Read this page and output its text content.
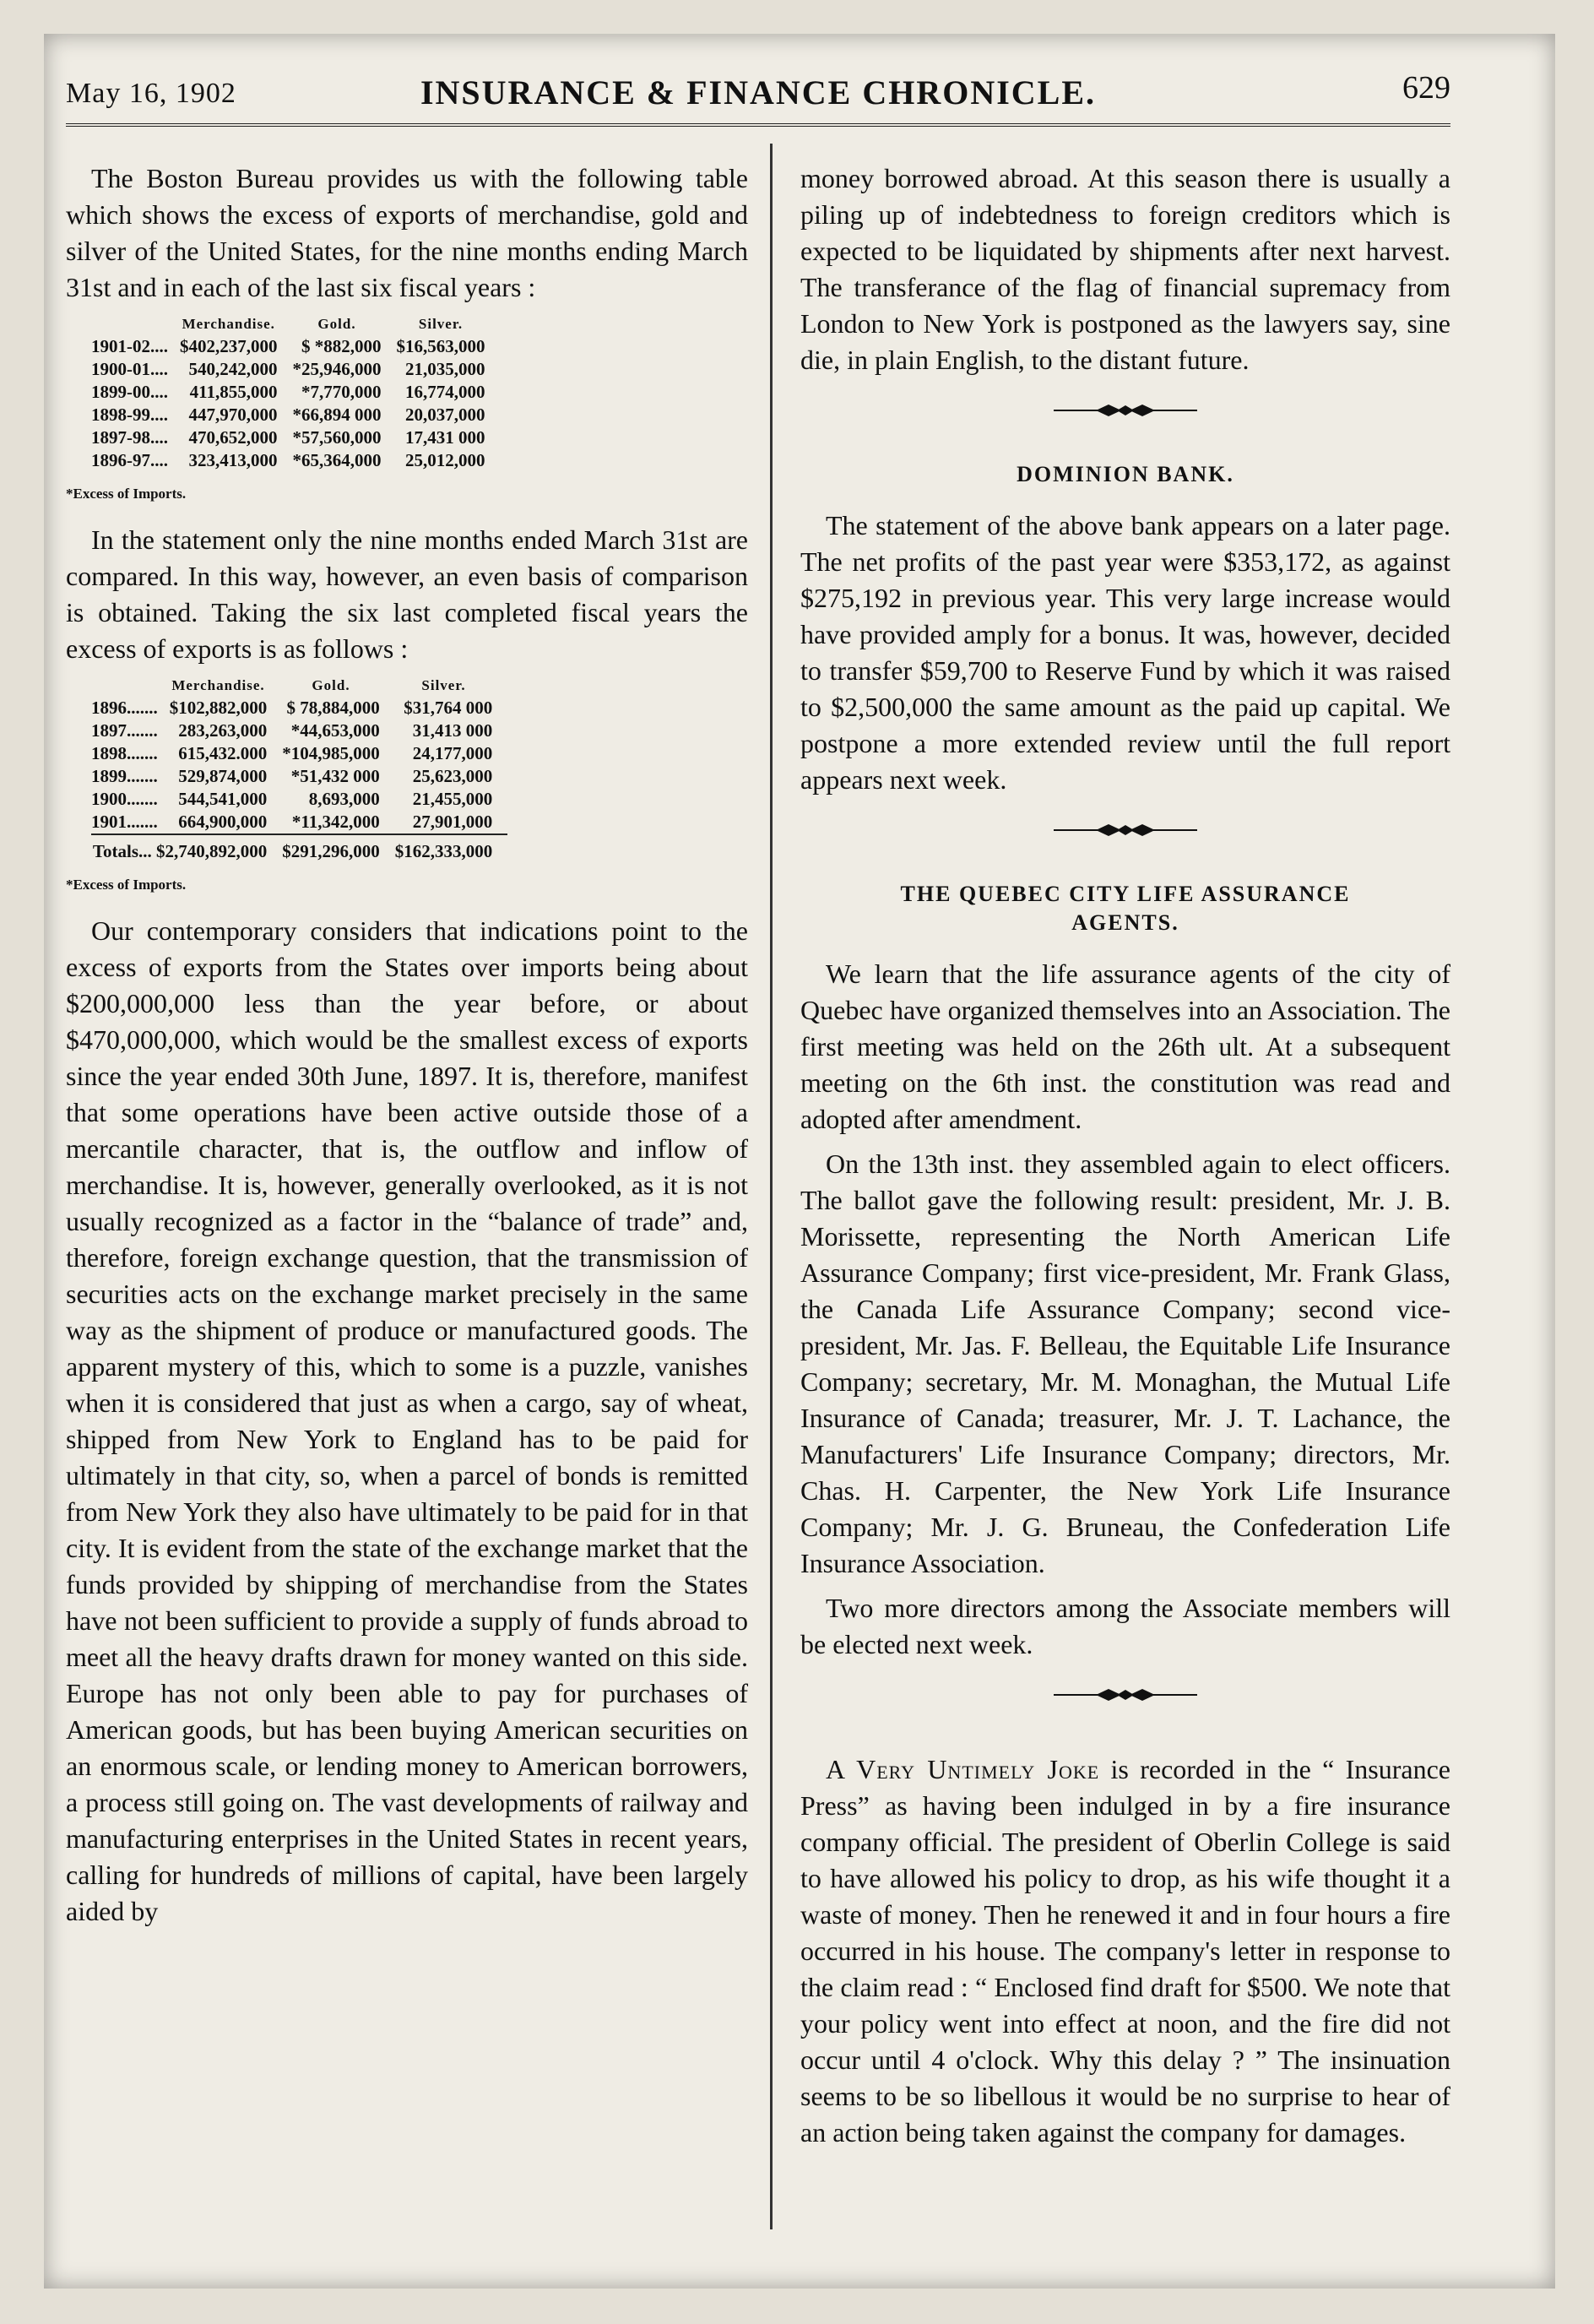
May 16, 1902	INSURANCE & FINANCE CHRONICLE.	629

The Boston Bureau provides us with the following table which shows the excess of exports of merchandise, gold and silver of the United States, for the nine months ending March 31st and in each of the last six fiscal years :

	Merchandise.	Gold.	Silver.
1901-02....	$402,237,000	$ *882,000	$16,563,000
1900-01....	540,242,000	*25,946,000	21,035,000
1899-00....	411,855,000	*7,770,000	16,774,000
1898-99....	447,970,000	*66,894 000	20,037,000
1897-98....	470,652,000	*57,560,000	17,431 000
1896-97....	323,413,000	*65,364,000	25,012,000
*Excess of Imports.

In the statement only the nine months ended March 31st are compared. In this way, however, an even basis of comparison is obtained. Taking the six last completed fiscal years the excess of exports is as follows :

	Merchandise.	Gold.	Silver.
1896.......	$102,882,000	$ 78,884,000	$31,764 000
1897.......	283,263,000	*44,653,000	31,413 000
1898.......	615,432.000	*104,985,000	24,177,000
1899.......	529,874,000	*51,432 000	25,623,000
1900.......	544,541,000	8,693,000	21,455,000
1901.......	664,900,000	*11,342,000	27,901,000
Totals... $2,740,892,000		$291,296,000	$162,333,000
*Excess of Imports.

Our contemporary considers that indications point to the excess of exports from the States over imports being about $200,000,000 less than the year before, or about $470,000,000, which would be the smallest excess of exports since the year ended 30th June, 1897. It is, therefore, manifest that some operations have been active outside those of a mercantile character, that is, the outflow and inflow of merchandise. It is, however, generally overlooked, as it is not usually recognized as a factor in the “balance of trade” and, therefore, foreign exchange question, that the transmission of securities acts on the exchange market precisely in the same way as the shipment of produce or manufactured goods. The apparent mystery of this, which to some is a puzzle, vanishes when it is considered that just as when a cargo, say of wheat, shipped from New York to England has to be paid for ultimately in that city, so, when a parcel of bonds is remitted from New York they also have ultimately to be paid for in that city. It is evident from the state of the exchange market that the funds provided by shipping of merchandise from the States have not been sufficient to provide a supply of funds abroad to meet all the heavy drafts drawn for money wanted on this side. Europe has not only been able to pay for purchases of American goods, but has been buying American securities on an enormous scale, or lending money to American borrowers, a process still going on. The vast developments of railway and manufacturing enterprises in the United States in recent years, calling for hundreds of millions of capital, have been largely aided by

money borrowed abroad. At this season there is usually a piling up of indebtedness to foreign creditors which is expected to be liquidated by shipments after next harvest. The transferance of the flag of financial supremacy from London to New York is postponed as the lawyers say, sine die, in plain English, to the distant future.

DOMINION BANK.

The statement of the above bank appears on a later page. The net profits of the past year were $353,172, as against $275,192 in previous year. This very large increase would have provided amply for a bonus. It was, however, decided to transfer $59,700 to Reserve Fund by which it was raised to $2,500,000 the same amount as the paid up capital. We postpone a more extended review until the full report appears next week.

THE QUEBEC CITY LIFE ASSURANCE
AGENTS.

We learn that the life assurance agents of the city of Quebec have organized themselves into an Association. The first meeting was held on the 26th ult. At a subsequent meeting on the 6th inst. the constitution was read and adopted after amendment.

On the 13th inst. they assembled again to elect officers. The ballot gave the following result: president, Mr. J. B. Morissette, representing the North American Life Assurance Company; first vice-president, Mr. Frank Glass, the Canada Life Assurance Company; second vice-president, Mr. Jas. F. Belleau, the Equitable Life Insurance Company; secretary, Mr. M. Monaghan, the Mutual Life Insurance of Canada; treasurer, Mr. J. T. Lachance, the Manufacturers' Life Insurance Company; directors, Mr. Chas. H. Carpenter, the New York Life Insurance Company; Mr. J. G. Bruneau, the Confederation Life Insurance Association.

Two more directors among the Associate members will be elected next week.

A Very Untimely Joke is recorded in the “ Insurance Press” as having been indulged in by a fire insurance company official. The president of Oberlin College is said to have allowed his policy to drop, as his wife thought it a waste of money. Then he renewed it and in four hours a fire occurred in his house. The company's letter in response to the claim read : “ Enclosed find draft for $500. We note that your policy went into effect at noon, and the fire did not occur until 4 o'clock. Why this delay ? ” The insinuation seems to be so libellous it would be no surprise to hear of an action being taken against the company for damages.
